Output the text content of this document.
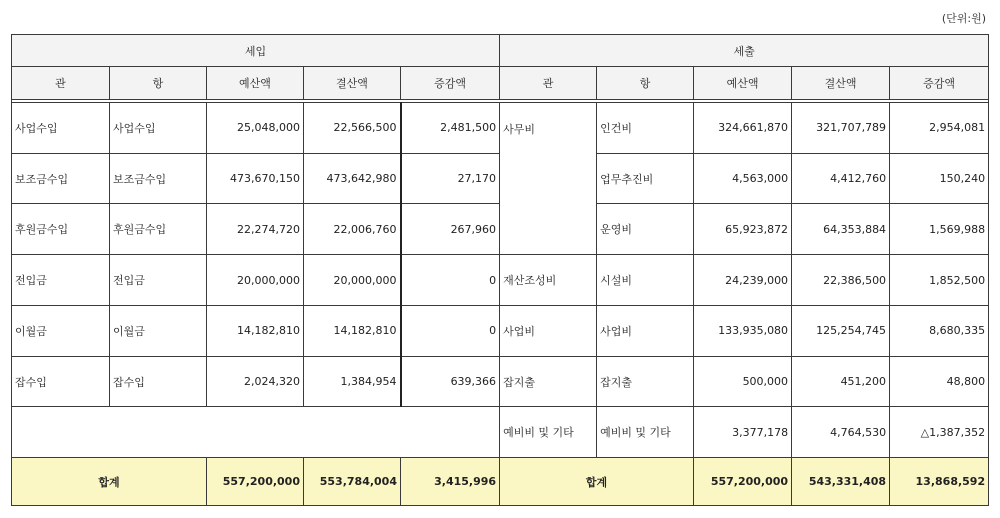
(단위:원)
세입					세출				
관	항	예산액	결산액	증감액	관	항	예산액	결산액	증감액

사업수입	사업수입	25,048,000	22,566,500	2,481,500	사무비	인건비	324,661,870	321,707,789	2,954,081
보조금수입	보조금수입	473,670,150	473,642,980	27,170		업무추진비	4,563,000	4,412,760	150,240
후원금수입	후원금수입	22,274,720	22,006,760	267,960		운영비	65,923,872	64,353,884	1,569,988
전입금	전입금	20,000,000	20,000,000	0	재산조성비	시설비	24,239,000	22,386,500	1,852,500
이월금	이월금	14,182,810	14,182,810	0	사업비	사업비	133,935,080	125,254,745	8,680,335
잡수입	잡수입	2,024,320	1,384,954	639,366	잡지출	잡지출	500,000	451,200	48,800
					예비비 및 기타	예비비 및 기타	3,377,178	4,764,530	△1,387,352
합계		557,200,000	553,784,004	3,415,996	합계		557,200,000	543,331,408	13,868,592
